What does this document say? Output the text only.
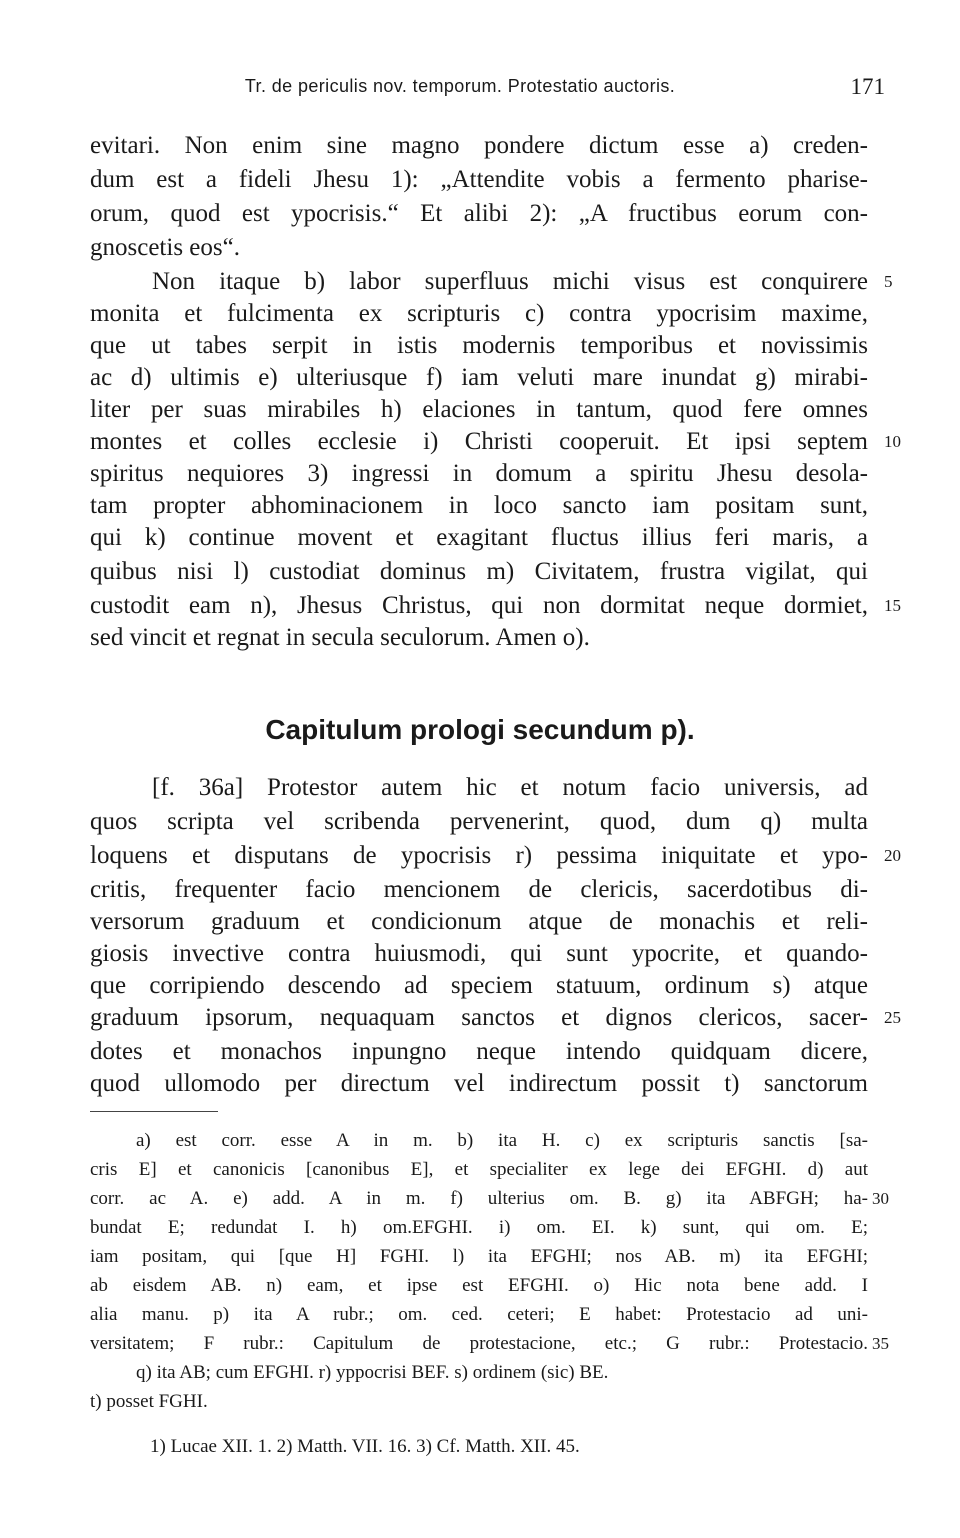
Tr. de periculis nov. temporum. Protestatio auctoris.	171
evitari. Non enim sine magno pondere dictum esse a) creden-
dum est a fideli Jhesu 1): „Attendite vobis a fermento pharise-
orum, quod est ypocrisis.“ Et alibi 2): „A fructibus eorum con-
gnoscetis eos“.
Non itaque b) labor superfluus michi visus est conquirere
monita et fulcimenta ex scripturis c) contra ypocrisim maxime,
que ut tabes serpit in istis modernis temporibus et novissimis
ac d) ultimis e) ulteriusque f) iam veluti mare inundat g) mirabi-
liter per suas mirabiles h) elaciones in tantum, quod fere omnes
montes et colles ecclesie i) Christi cooperuit. Et ipsi septem
spiritus nequiores 3) ingressi in domum a spiritu Jhesu desola-
tam propter abhominacionem in loco sancto iam positam sunt,
qui k) continue movent et exagitant fluctus illius feri maris, a
quibus nisi l) custodiat dominus m) Civitatem, frustra vigilat, qui
custodit eam n), Jhesus Christus, qui non dormitat neque dormiet,
sed vincit et regnat in secula seculorum. Amen o).
5
10
15
Capitulum prologi secundum p).
[f. 36a] Protestor autem hic et notum facio universis, ad
quos scripta vel scribenda pervenerint, quod, dum q) multa
loquens et disputans de ypocrisis r) pessima iniquitate et ypo-
critis, frequenter facio mencionem de clericis, sacerdotibus di-
versorum graduum et condicionum atque de monachis et reli-
giosis invective contra huiusmodi, qui sunt ypocrite, et quando-
que corripiendo descendo ad speciem statuum, ordinum s) atque
graduum ipsorum, nequaquam sanctos et dignos clericos, sacer-
dotes et monachos inpungno neque intendo quidquam dicere,
quod ullomodo per directum vel indirectum possit t) sanctorum
20
25
a) est corr. esse A in m. b) ita H. c) ex scripturis sanctis [sa-
cris E] et canonicis [canonibus E], et specialiter ex lege dei EFGHI. d) aut
corr. ac A. e) add. A in m. f) ulterius om. B. g) ita ABFGH; ha-
bundat E; redundat I. h) om.EFGHI. i) om. EI. k) sunt, qui om. E;
iam positam, qui [que H] FGHI. l) ita EFGHI; nos AB. m) ita EFGHI;
ab eisdem AB. n) eam, et ipse est EFGHI. o) Hic nota bene add. I
alia manu. p) ita A rubr.; om. ced. ceteri; E habet: Protestacio ad uni-
versitatem; F rubr.: Capitulum de protestacione, etc.; G rubr.: Protestacio.
q) ita AB; cum EFGHI. r) yppocrisi BEF. s) ordinem (sic) BE.
t) posset FGHI.
30
35
1) Lucae XII. 1. 2) Matth. VII. 16. 3) Cf. Matth. XII. 45.
